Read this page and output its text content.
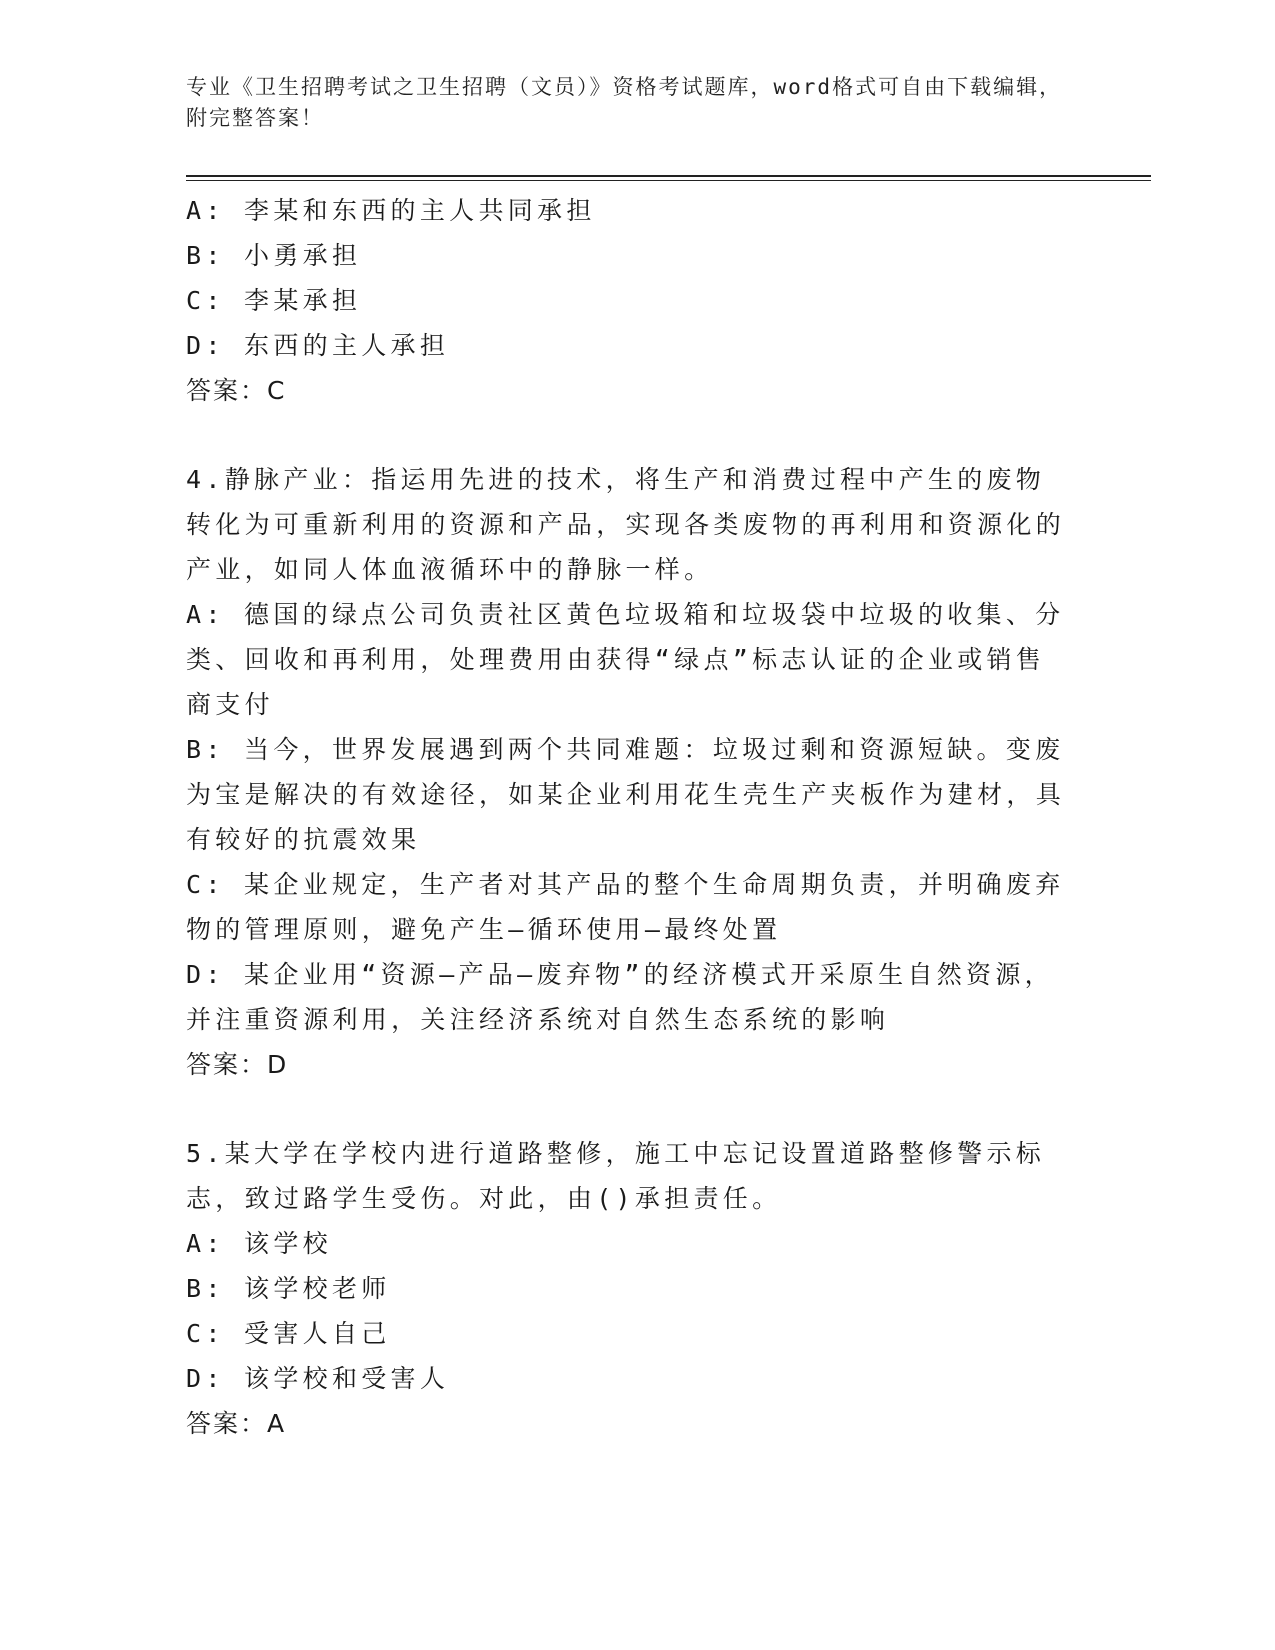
专业《卫生招聘考试之卫生招聘（文员）》资格考试题库，word格式可自由下载编辑，附完整答案！

A: 李某和东西的主人共同承担

B: 小勇承担

C: 李某承担

D: 东西的主人承担

答案：C

4.静脉产业：指运用先进的技术，将生产和消费过程中产生的废物转化为可重新利用的资源和产品，实现各类废物的再利用和资源化的产业，如同人体血液循环中的静脉一样。

A: 德国的绿点公司负责社区黄色垃圾箱和垃圾袋中垃圾的收集、分类、回收和再利用，处理费用由获得“绿点”标志认证的企业或销售商支付

B: 当今，世界发展遇到两个共同难题：垃圾过剩和资源短缺。变废为宝是解决的有效途径，如某企业利用花生壳生产夹板作为建材，具有较好的抗震效果

C: 某企业规定，生产者对其产品的整个生命周期负责，并明确废弃物的管理原则，避免产生—循环使用—最终处置

D: 某企业用“资源—产品—废弃物”的经济模式开采原生自然资源，并注重资源利用，关注经济系统对自然生态系统的影响

答案：D

5.某大学在学校内进行道路整修，施工中忘记设置道路整修警示标志，致过路学生受伤。对此，由()承担责任。

A: 该学校

B: 该学校老师

C: 受害人自己

D: 该学校和受害人

答案：A
